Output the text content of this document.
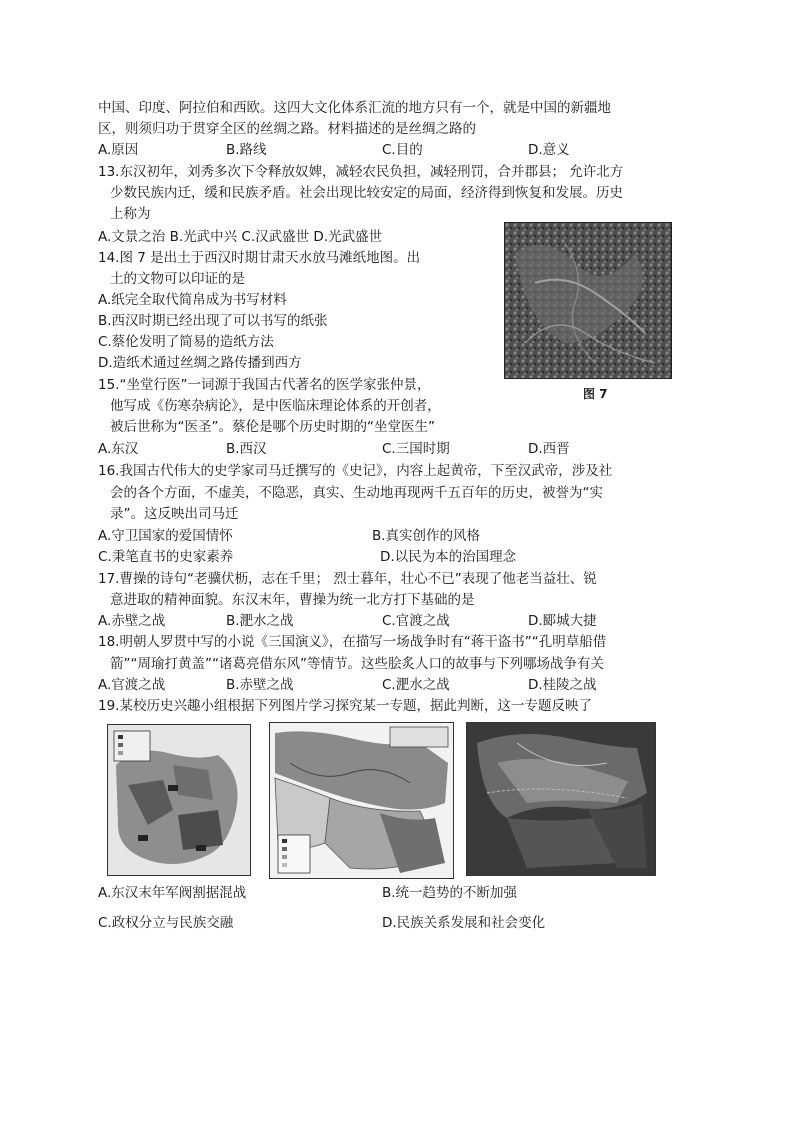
中国、印度、阿拉伯和西欧。这四大文化体系汇流的地方只有一个，就是中国的新疆地
区，则须归功于贯穿全区的丝绸之路。材料描述的是丝绸之路的
A.原因	B.路线	C.目的	D.意义
13.东汉初年，刘秀多次下令释放奴婢，减轻农民负担，减轻刑罚，合并郡县； 允许北方
少数民族内迁，缓和民族矛盾。社会出现比较安定的局面，经济得到恢复和发展。历史
上称为
A.文景之治 B.光武中兴 C.汉武盛世 D.光武盛世
图 7
14.图 7 是出土于西汉时期甘肃天水放马滩纸地图。出
土的文物可以印证的是
A.纸完全取代简帛成为书写材料
B.西汉时期已经出现了可以书写的纸张
C.蔡伦发明了简易的造纸方法
D.造纸术通过丝绸之路传播到西方
15.“坐堂行医”一词源于我国古代著名的医学家张仲景，
他写成《伤寒杂病论》，是中医临床理论体系的开创者，
被后世称为“医圣”。蔡伦是哪个历史时期的“坐堂医生”
A.东汉	B.西汉	C.三国时期	D.西晋
16.我国古代伟大的史学家司马迁撰写的《史记》，内容上起黄帝，下至汉武帝，涉及社
会的各个方面，不虚美，不隐恶，真实、生动地再现两千五百年的历史，被誉为“实
录”。这反映出司马迁
A.守卫国家的爱国情怀	B.真实创作的风格
C.秉笔直书的史家素养	D.以民为本的治国理念
17.曹操的诗句“老骥伏枥，志在千里； 烈士暮年，壮心不已”表现了他老当益壮、锐
意进取的精神面貌。东汉末年，曹操为统一北方打下基础的是
A.赤壁之战	B.淝水之战	C.官渡之战	D.郾城大捷
18.明朝人罗贯中写的小说《三国演义》，在描写一场战争时有“蒋干盗书”“孔明草船借
箭”“周瑜打黄盖”“诸葛亮借东风”等情节。这些脍炙人口的故事与下列哪场战争有关
A.官渡之战	B.赤壁之战	C.淝水之战	D.桂陵之战
19.某校历史兴趣小组根据下列图片学习探究某一专题，据此判断，这一专题反映了
A.东汉末年军阀割据混战	B.统一趋势的不断加强
C.政权分立与民族交融	D.民族关系发展和社会变化
